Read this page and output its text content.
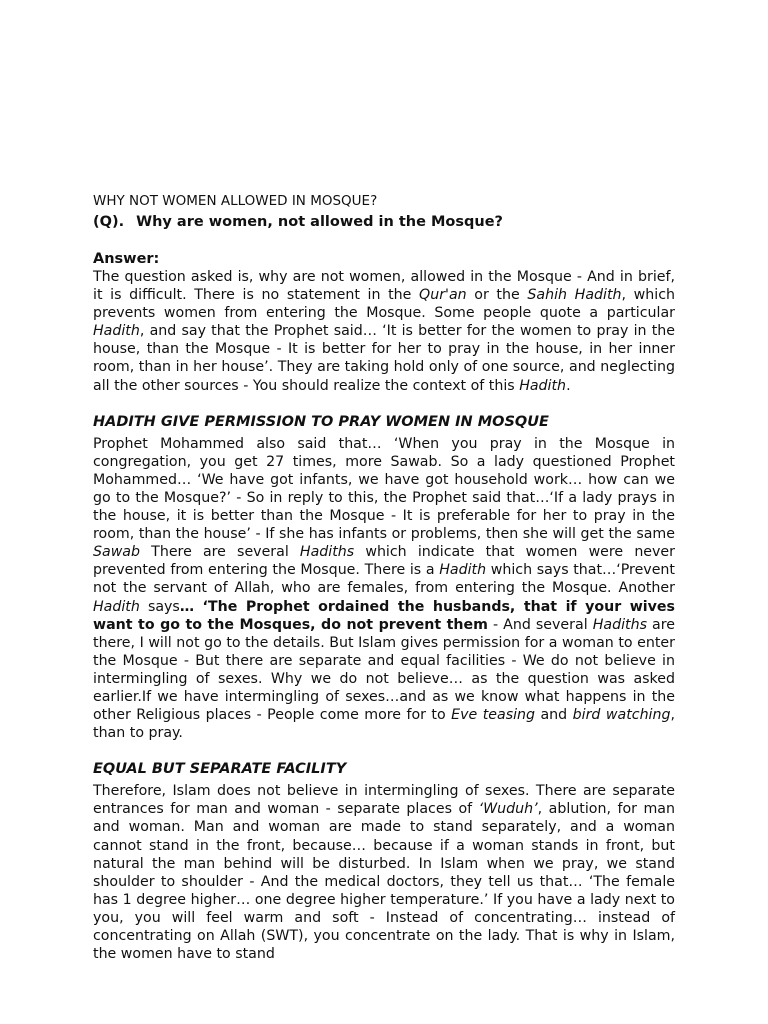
WHY NOT WOMEN ALLOWED IN MOSQUE?

(Q). Why are women, not allowed in the Mosque?

Answer:

The question asked is, why are not women, allowed in the Mosque - And in brief, it is difficult. There is no statement in the Qur'an or the Sahih Hadith, which prevents women from entering the Mosque. Some people quote a particular Hadith, and say that the Prophet said… ‘It is better for the women to pray in the house, than the Mosque - It is better for her to pray in the house, in her inner room, than in her house’. They are taking hold only of one source, and neglecting all the other sources - You should realize the context of this Hadith.

HADITH GIVE PERMISSION TO PRAY WOMEN IN MOSQUE

Prophet Mohammed also said that… ‘When you pray in the Mosque in congregation, you get 27 times, more Sawab. So a lady questioned Prophet Mohammed… ‘We have got infants, we have got household work… how can we go to the Mosque?’ - So in reply to this, the Prophet said that…‘If a lady prays in the house, it is better than the Mosque - It is preferable for her to pray in the room, than the house’ - If she has infants or problems, then she will get the same Sawab There are several Hadiths which indicate that women were never prevented from entering the Mosque. There is a Hadith which says that…‘Prevent not the servant of Allah, who are females, from entering the Mosque. Another Hadith says… ‘The Prophet ordained the husbands, that if your wives want to go to the Mosques, do not prevent them - And several Hadiths are there, I will not go to the details. But Islam gives permission for a woman to enter the Mosque - But there are separate and equal facilities - We do not believe in intermingling of sexes. Why we do not believe… as the question was asked earlier.If we have intermingling of sexes…and as we know what happens in the other Religious places - People come more for to Eve teasing and bird watching, than to pray.

EQUAL BUT SEPARATE FACILITY

Therefore, Islam does not believe in intermingling of sexes. There are separate entrances for man and woman - separate places of ‘Wuduh’, ablution, for man and woman. Man and woman are made to stand separately, and a woman cannot stand in the front, because… because if a woman stands in front, but natural the man behind will be disturbed. In Islam when we pray, we stand shoulder to shoulder - And the medical doctors, they tell us that… ‘The female has 1 degree higher… one degree higher temperature.’ If you have a lady next to you, you will feel warm and soft - Instead of concentrating… instead of concentrating on Allah (SWT), you concentrate on the lady. That is why in Islam, the women have to stand
